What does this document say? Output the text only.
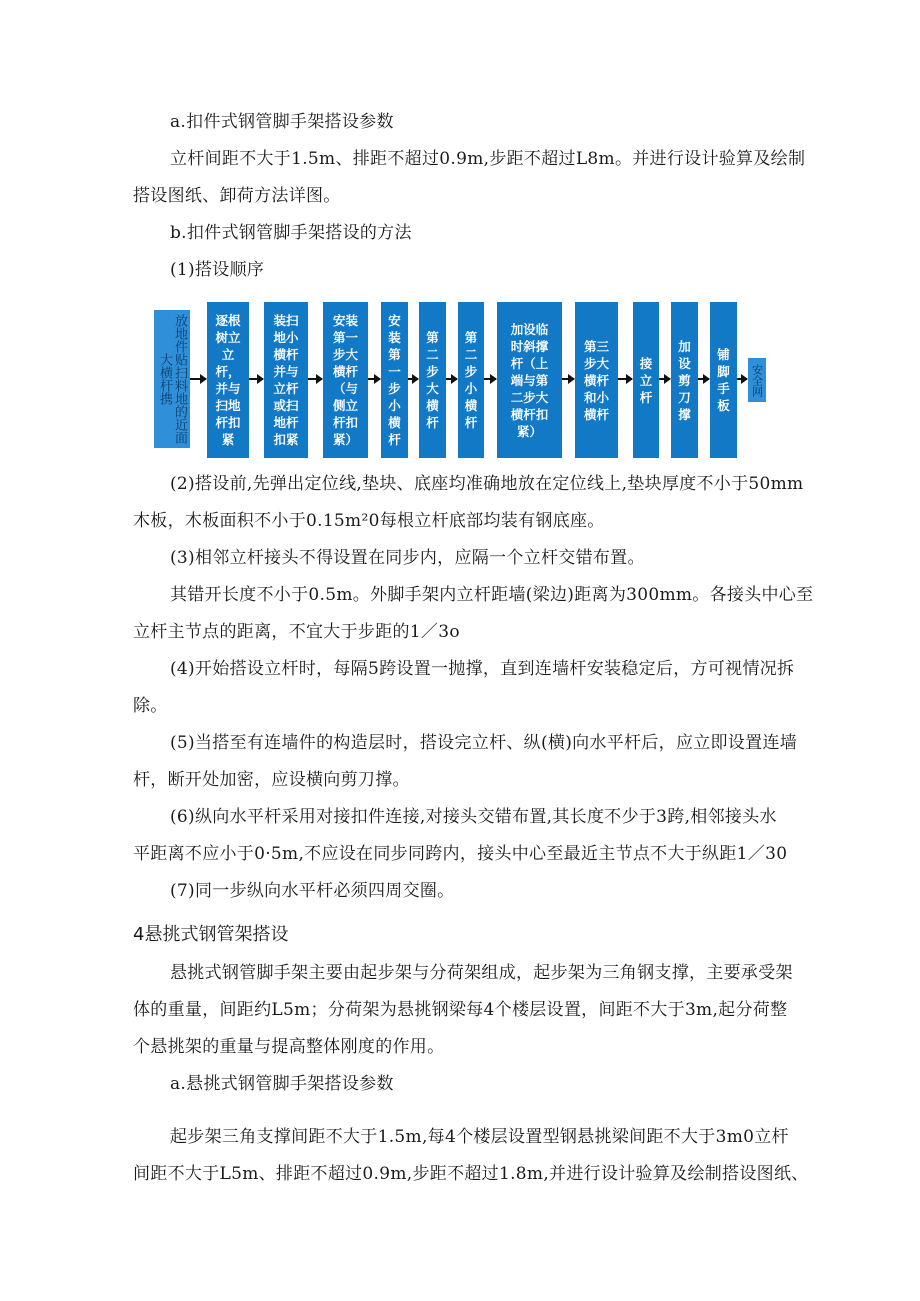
a.扣件式钢管脚手架搭设参数

立杆间距不大于1.5m、排距不超过0.9m,步距不超过L8m。并进行设计验算及绘制

搭设图纸、卸荷方法详图。

b.扣件式钢管脚手架搭设的方法

(1)搭设顺序

放地件贴扫料地的近面大横杆携
逐根
树立
立
杆，
并与
扫地
杆扣
紧
装扫
地小
横杆
并与
立杆
或扫
地杆
扣紧
安装
第一
步大
横杆
（与
侧立
杆扣
紧）
安
装第
一
步小
横杆
第
二
步大
横杆
第
二
步小
横杆
加设临
时斜撑
杆（上
端与第
二步大
横杆扣
紧）
第三
步大
横杆
和小
横杆
接立
杆
加设
剪
刀撑
铺脚
手板
安全网

(2)搭设前,先弹出定位线,垫块、底座均准确地放在定位线上,垫块厚度不小于50mm

木板，木板面积不小于0.15m²0每根立杆底部均装有钢底座。

(3)相邻立杆接头不得设置在同步内，应隔一个立杆交错布置。

其错开长度不小于0.5m。外脚手架内立杆距墙(梁边)距离为300mm。各接头中心至

立杆主节点的距离，不宜大于步距的1／3o

(4)开始搭设立杆时，每隔5跨设置一抛撑，直到连墙杆安装稳定后，方可视情况拆

除。

(5)当搭至有连墙件的构造层时，搭设完立杆、纵(横)向水平杆后，应立即设置连墙

杆，断开处加密，应设横向剪刀撑。

(6)纵向水平杆采用对接扣件连接,对接头交错布置,其长度不少于3跨,相邻接头水

平距离不应小于0·5m,不应设在同步同跨内，接头中心至最近主节点不大于纵距1／30

(7)同一步纵向水平杆必须四周交圈。

4悬挑式钢管架搭设

悬挑式钢管脚手架主要由起步架与分荷架组成，起步架为三角钢支撑，主要承受架

体的重量，间距约L5m；分荷架为悬挑钢梁每4个楼层设置，间距不大于3m,起分荷整

个悬挑架的重量与提高整体刚度的作用。

a.悬挑式钢管脚手架搭设参数

起步架三角支撑间距不大于1.5m,每4个楼层设置型钢悬挑梁间距不大于3m0立杆

间距不大于L5m、排距不超过0.9m,步距不超过1.8m,并进行设计验算及绘制搭设图纸、
